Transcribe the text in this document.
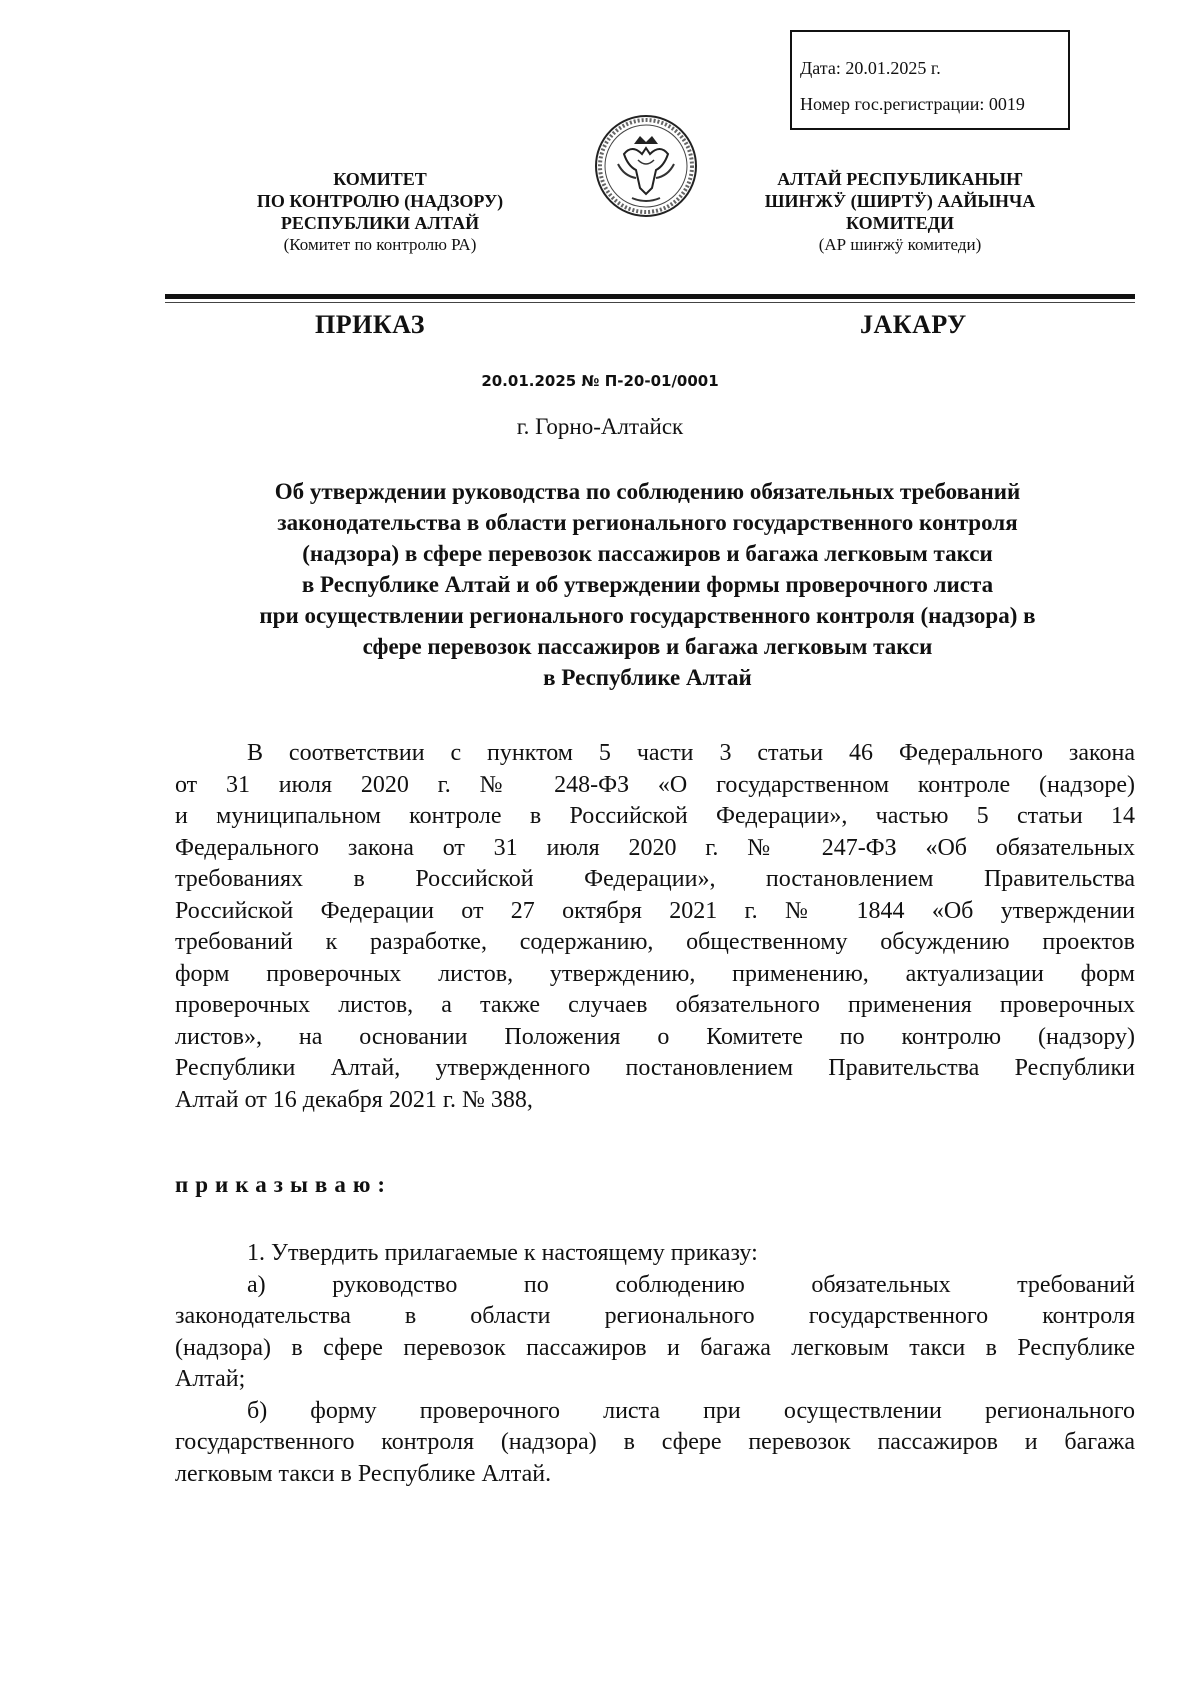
Дата: 20.01.2025 г.
Номер гос.регистрации: 0019
КОМИТЕТ
ПО КОНТРОЛЮ (НАДЗОРУ)
РЕСПУБЛИКИ АЛТАЙ
(Комитет по контролю РА)
АЛТАЙ РЕСПУБЛИКАНЫҤ
ШИҤЖӰ (ШИРТӰ) ААЙЫНЧА
КОМИТЕДИ
(АР шиҥжӱ комитеди)
ПРИКАЗ	ЈАКАРУ
20.01.2025 № П-20-01/0001
г. Горно-Алтайск
Об утверждении руководства по соблюдению обязательных требований
законодательства в области регионального государственного контроля
(надзора) в сфере перевозок пассажиров и багажа легковым такси
в Республике Алтай и об утверждении формы проверочного листа
при осуществлении регионального государственного контроля (надзора) в
сфере перевозок пассажиров и багажа легковым такси
в Республике Алтай
В соответствии с пунктом 5 части 3 статьи 46 Федерального закона
от 31 июля 2020 г. № 248-ФЗ «О государственном контроле (надзоре)
и муниципальном контроле в Российской Федерации», частью 5 статьи 14
Федерального закона от 31 июля 2020 г. № 247-ФЗ «Об обязательных
требованиях в Российской Федерации», постановлением Правительства
Российской Федерации от 27 октября 2021 г. № 1844 «Об утверждении
требований к разработке, содержанию, общественному обсуждению проектов
форм проверочных листов, утверждению, применению, актуализации форм
проверочных листов, а также случаев обязательного применения проверочных
листов», на основании Положения о Комитете по контролю (надзору)
Республики Алтай, утвержденного постановлением Правительства Республики
Алтай от 16 декабря 2021 г. № 388,
приказываю:
1. Утвердить прилагаемые к настоящему приказу:
а) руководство по соблюдению обязательных требований
законодательства в области регионального государственного контроля
(надзора) в сфере перевозок пассажиров и багажа легковым такси в Республике
Алтай;
б) форму проверочного листа при осуществлении регионального
государственного контроля (надзора) в сфере перевозок пассажиров и багажа
легковым такси в Республике Алтай.
